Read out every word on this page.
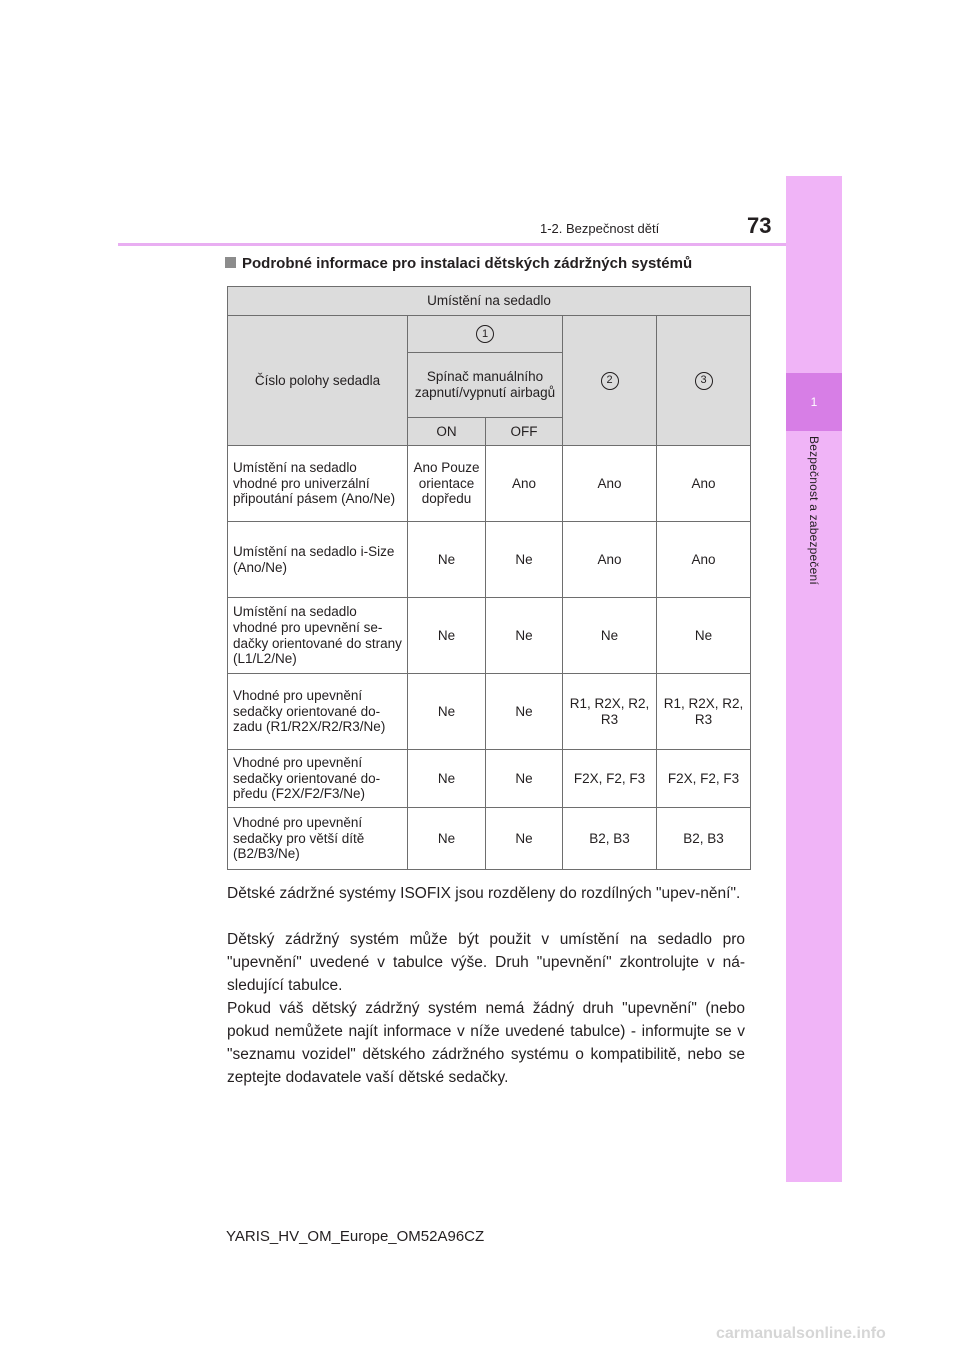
1-2. Bezpečnost dětí	73
1
Bezpečnost a zabezpečení
Podrobné informace pro instalaci dětských zádržných systémů
Umístění na sedadlo				
Číslo polohy sedadla	1		2	3
	Spínač manuálního zapnutí/vypnutí airbagů			
	ON	OFF		
Umístění na sedadlo vhodné pro univerzální připoutání pásem (Ano/Ne)	Ano Pouze orientace dopředu	Ano	Ano	Ano
Umístění na sedadlo i-Size (Ano/Ne)	Ne	Ne	Ano	Ano
Umístění na sedadlo vhodné pro upevnění se-dačky orientované do strany (L1/L2/Ne)	Ne	Ne	Ne	Ne
Vhodné pro upevnění sedačky orientované do-zadu (R1/R2X/R2/R3/Ne)	Ne	Ne	R1, R2X, R2, R3	R1, R2X, R2, R3
Vhodné pro upevnění sedačky orientované do-předu (F2X/F2/F3/Ne)	Ne	Ne	F2X, F2, F3	F2X, F2, F3
Vhodné pro upevnění sedačky pro větší dítě (B2/B3/Ne)	Ne	Ne	B2, B3	B2, B3
Dětské zádržné systémy ISOFIX jsou rozděleny do rozdílných "upev-nění".
Dětský zádržný systém může být použit v umístění na sedadlo pro "upevnění" uvedené v tabulce výše. Druh "upevnění" zkontrolujte v ná-sledující tabulce.
Pokud váš dětský zádržný systém nemá žádný druh "upevnění" (nebo pokud nemůžete najít informace v níže uvedené tabulce) - informujte se v "seznamu vozidel" dětského zádržného systému o kompatibilitě, nebo se zeptejte dodavatele vaší dětské sedačky.
YARIS_HV_OM_Europe_OM52A96CZ
carmanualsonline.info
